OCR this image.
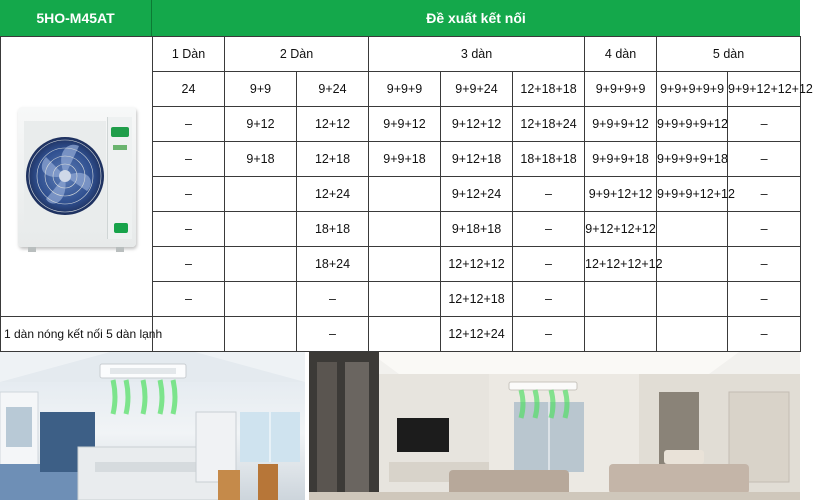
5HO-M45AT	Đề xuất kết nối
	1 Dàn	2 Dàn		3 dàn			4 dàn	5 dàn	
	24	9+9	9+24	9+9+9	9+9+24	12+18+18	9+9+9+9	9+9+9+9+9	9+9+12+12+12
	–	9+12	12+12	9+9+12	9+12+12	12+18+24	9+9+9+12	9+9+9+9+12	–
	–	9+18	12+18	9+9+18	9+12+18	18+18+18	9+9+9+18	9+9+9+9+18	–
	–		12+24		9+12+24	–	9+9+12+12	9+9+9+12+12	–
	–		18+18		9+18+18	–	9+12+12+12		–
	–		18+24		12+12+12	–	12+12+12+12		–
	–		–		12+12+18	–			–
1 dàn nóng kết nối 5 dàn lạnh			–		12+12+24	–			–
